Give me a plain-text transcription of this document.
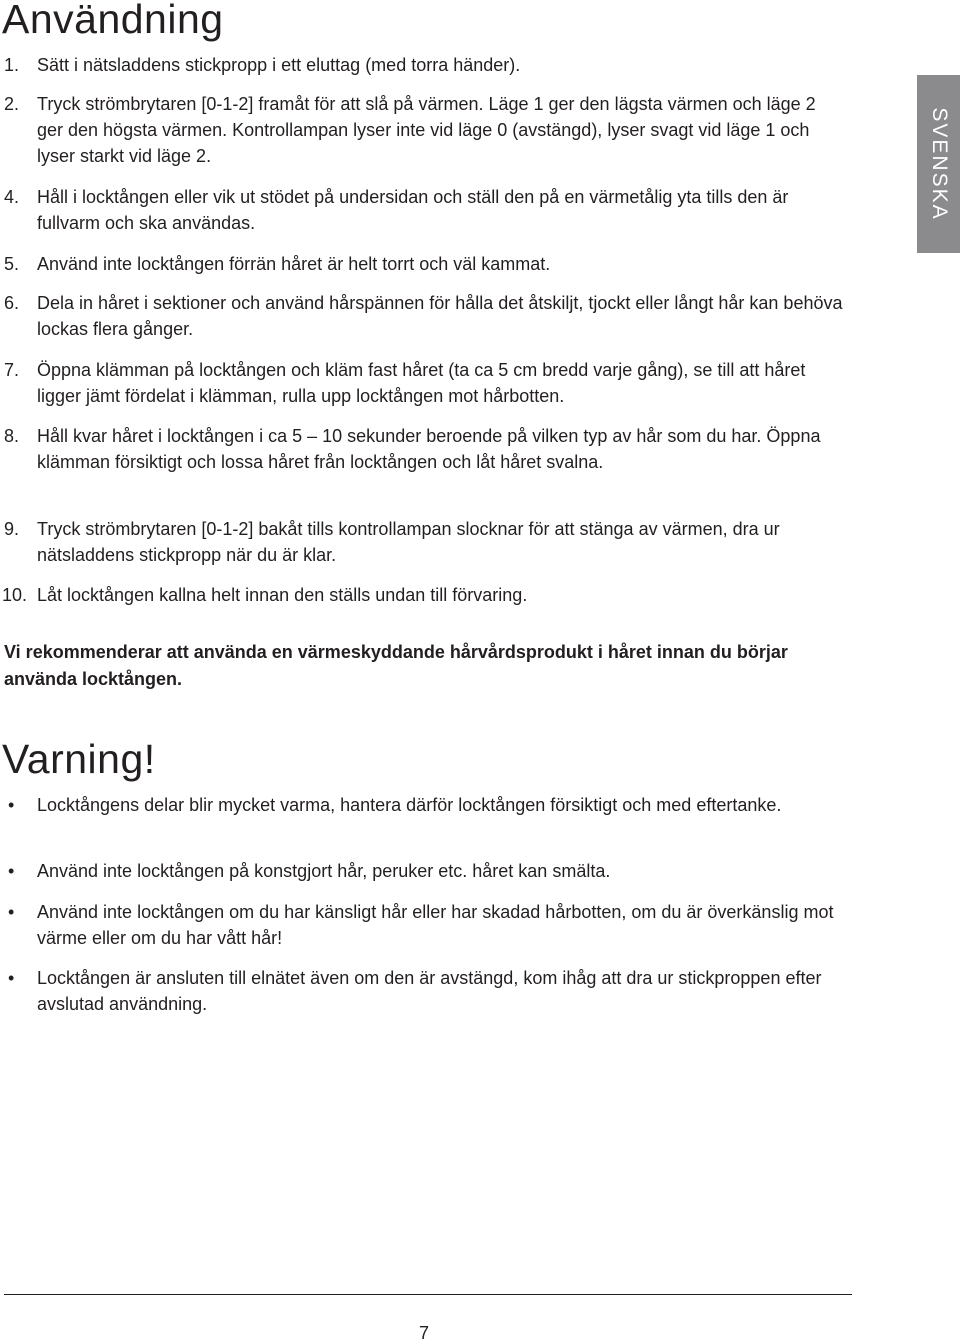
Användning
1. Sätt i nätsladdens stickpropp i ett eluttag (med torra händer).
2. Tryck strömbrytaren [0-1-2] framåt för att slå på värmen. Läge 1 ger den lägsta värmen och läge 2 ger den högsta värmen. Kontrollampan lyser inte vid läge 0 (avstängd), lyser svagt vid läge 1 och lyser starkt vid läge 2.
4. Håll i locktången eller vik ut stödet på undersidan och ställ den på en värmetålig yta tills den är fullvarm och ska användas.
5. Använd inte locktången förrän håret är helt torrt och väl kammat.
6. Dela in håret i sektioner och använd hårspännen för hålla det åtskiljt, tjockt eller långt hår kan behöva lockas flera gånger.
7. Öppna klämman på locktången och kläm fast håret (ta ca 5 cm bredd varje gång), se till att håret ligger jämt fördelat i klämman, rulla upp locktången mot hårbotten.
8. Håll kvar håret i locktången i ca 5 – 10 sekunder beroende på vilken typ av hår som du har. Öppna klämman försiktigt och lossa håret från locktången och låt håret svalna.
9. Tryck strömbrytaren [0-1-2] bakåt tills kontrollampan slocknar för att stänga av värmen, dra ur nätsladdens stickpropp när du är klar.
10. Låt locktången kallna helt innan den ställs undan till förvaring.

Vi rekommenderar att använda en värmeskyddande hårvårdsprodukt i håret innan du börjar använda locktången.

Varning!
• Locktångens delar blir mycket varma, hantera därför locktången försiktigt och med eftertanke.
• Använd inte locktången på konstgjort hår, peruker etc. håret kan smälta.
• Använd inte locktången om du har känsligt hår eller har skadad hårbotten, om du är överkänslig mot värme eller om du har vått hår!
• Locktången är ansluten till elnätet även om den är avstängd, kom ihåg att dra ur stickproppen efter avslutad användning.
SVENSKA
7
